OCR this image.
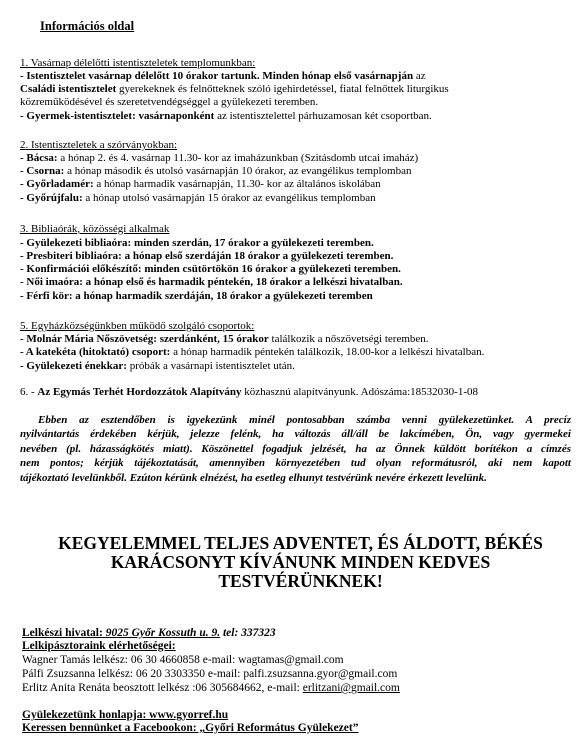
Információs oldal
1. Vasárnap délelőtti istentiszteletek templomunkban:
- Istentisztelet vasárnap délelőtt 10 órakor tartunk. Minden hónap első vasárnapján az
Családi istentisztelet gyerekeknek és felnőtteknek szóló igehirdetéssel, fiatal felnőttek liturgikus
közreműködésével és szeretetvendégséggel a gyülekezeti teremben.
- Gyermek-istentisztelet: vasárnaponként az istentisztelettel párhuzamosan két csoportban.
2. Istentiszteletek a szórványokban:
- Bácsa: a hónap 2. és 4. vasárnap 11.30- kor az imaházunkban (Szitásdomb utcai imaház)
- Csorna: a hónap második és utolsó vasárnapján 10 órakor, az evangélikus templomban
- Győrladamér: a hónap harmadik vasárnapján, 11.30- kor az általános iskolában
- Győrújfalu: a hónap utolsó vasárnapján 15 órakor az evangélikus templomban
3. Bibliaórák, közösségi alkalmak
- Gyülekezeti bibliaóra: minden szerdán, 17 órakor a gyülekezeti teremben.
- Presbiteri bibliaóra: a hónap első szerdáján 18 órakor a gyülekezeti teremben.
- Konfirmációi előkészítő: minden csütörtökön 16 órakor a gyülekezeti teremben.
- Női imaóra: a hónap első és harmadik péntekén, 18 órakor a lelkészi hivatalban.
- Férfi kör: a hónap harmadik szerdáján, 18 órakor a gyülekezeti teremben
5. Egyházközségünkben működő szolgáló csoportok:
- Molnár Mária Nőszövetség: szerdánként, 15 órakor találkozik a nőszövetségi teremben.
- A katekéta (hitoktató) csoport: a hónap harmadik péntekén találkozik, 18.00-kor a lelkészi hivatalban.
- Gyülekezeti énekkar: próbák a vasárnapi istentisztelet után.
6. - Az Egymás Terhét Hordozzátok Alapítvány közhasznú alapítványunk. Adószáma:18532030-1-08
Ebben az esztendőben is igyekezünk minél pontosabban számba venni gyülekezetünket. A precíz
nyilvántartás érdekében kérjük, jelezze felénk, ha változás áll/áll be lakcímében, Ön, vagy gyermekei
nevében (pl. házasságkötés miatt). Köszönettel fogadjuk jelzését, ha az Önnek küldött borítékon a címzés
nem pontos; kérjük tájékoztatását, amennyiben környezetében tud olyan reformátusról, aki nem kapott
tájékoztató levelünkből. Ezúton kérünk elnézést, ha esetleg elhunyt testvérünk nevére érkezett levelünk.
KEGYELEMMEL TELJES ADVENTET, ÉS ÁLDOTT, BÉKÉS
KARÁCSONYT KÍVÁNUNK MINDEN KEDVES
TESTVÉRÜNKNEK!
Lelkészi hivatal: 9025 Győr Kossuth u. 9. tel: 337323
Lelkipásztoraink elérhetőségei:
Wagner Tamás lelkész: 06 30 4660858 e-mail: wagtamas@gmail.com
Pálfi Zsuzsanna lelkész: 06 20 3303350 e-mail: palfi.zsuzsanna.gyor@gmail.com
Erlitz Anita Renáta beosztott lelkész :06 305684662, e-mail: erlitzani@gmail.com
Gyülekezetünk honlapja: www.gyorref.hu
Keressen bennünket a Facebookon: „Győri Református Gyülekezet”
